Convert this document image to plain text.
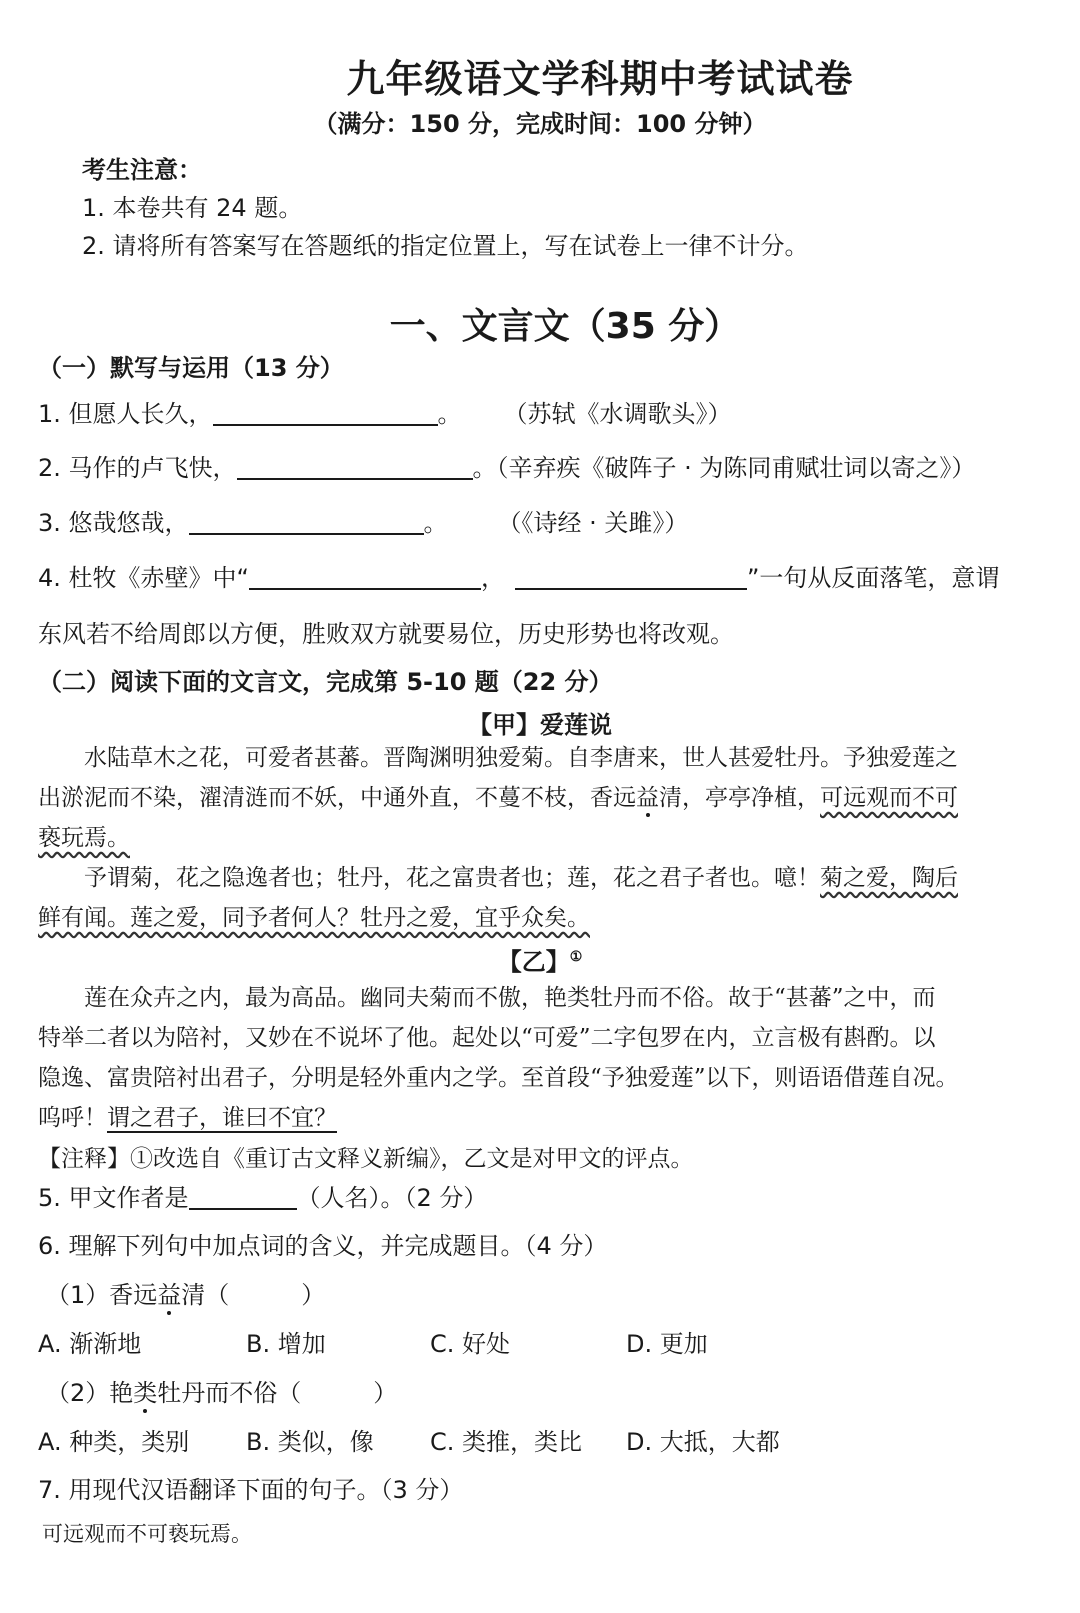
九年级语文学科期中考试试卷
（满分：150 分，完成时间：100 分钟）
考生注意：
1. 本卷共有 24 题。
2. 请将所有答案写在答题纸的指定位置上，写在试卷上一律不计分。
一、文言文（35 分）
（一）默写与运用（13 分）
1. 但愿人长久，	。 （苏轼《水调歌头》）
2. 马作的卢飞快，	。（辛弃疾《破阵子 · 为陈同甫赋壮词以寄之》）
3. 悠哉悠哉，	。 （《诗经 · 关雎》）
4. 杜牧《赤壁》中“	，	”一句从反面落笔，意谓
东风若不给周郎以方便，胜败双方就要易位，历史形势也将改观。
（二）阅读下面的文言文，完成第 5-10 题（22 分）
【甲】爱莲说
水陆草木之花，可爱者甚蕃。晋陶渊明独爱菊。自李唐来，世人甚爱牡丹。予独爱莲之
出淤泥而不染，濯清涟而不妖，中通外直，不蔓不枝，香远益清，亭亭净植，可远观而不可
亵玩焉。
予谓菊，花之隐逸者也；牡丹，花之富贵者也；莲，花之君子者也。噫！菊之爱，陶后
鲜有闻。莲之爱，同予者何人？牡丹之爱，宜乎众矣。
【乙】①
莲在众卉之内，最为高品。幽同夫菊而不傲，艳类牡丹而不俗。故于“甚蕃”之中，而
特举二者以为陪衬，又妙在不说坏了他。起处以“可爱”二字包罗在内，立言极有斟酌。以
隐逸、富贵陪衬出君子，分明是轻外重内之学。至首段“予独爱莲”以下，则语语借莲自况。
呜呼！谓之君子，谁曰不宜？
【注释】①改选自《重订古文释义新编》，乙文是对甲文的评点。
5. 甲文作者是	（人名）。（2 分）
6. 理解下列句中加点词的含义，并完成题目。（4 分）
（1）香远益清（　　　）
A. 渐渐地	B. 增加	C. 好处	D. 更加
（2）艳类牡丹而不俗（　　　）
A. 种类，类别 B. 类似，像 C. 类推，类比 D. 大抵，大都
7. 用现代汉语翻译下面的句子。（3 分）
可远观而不可亵玩焉。
